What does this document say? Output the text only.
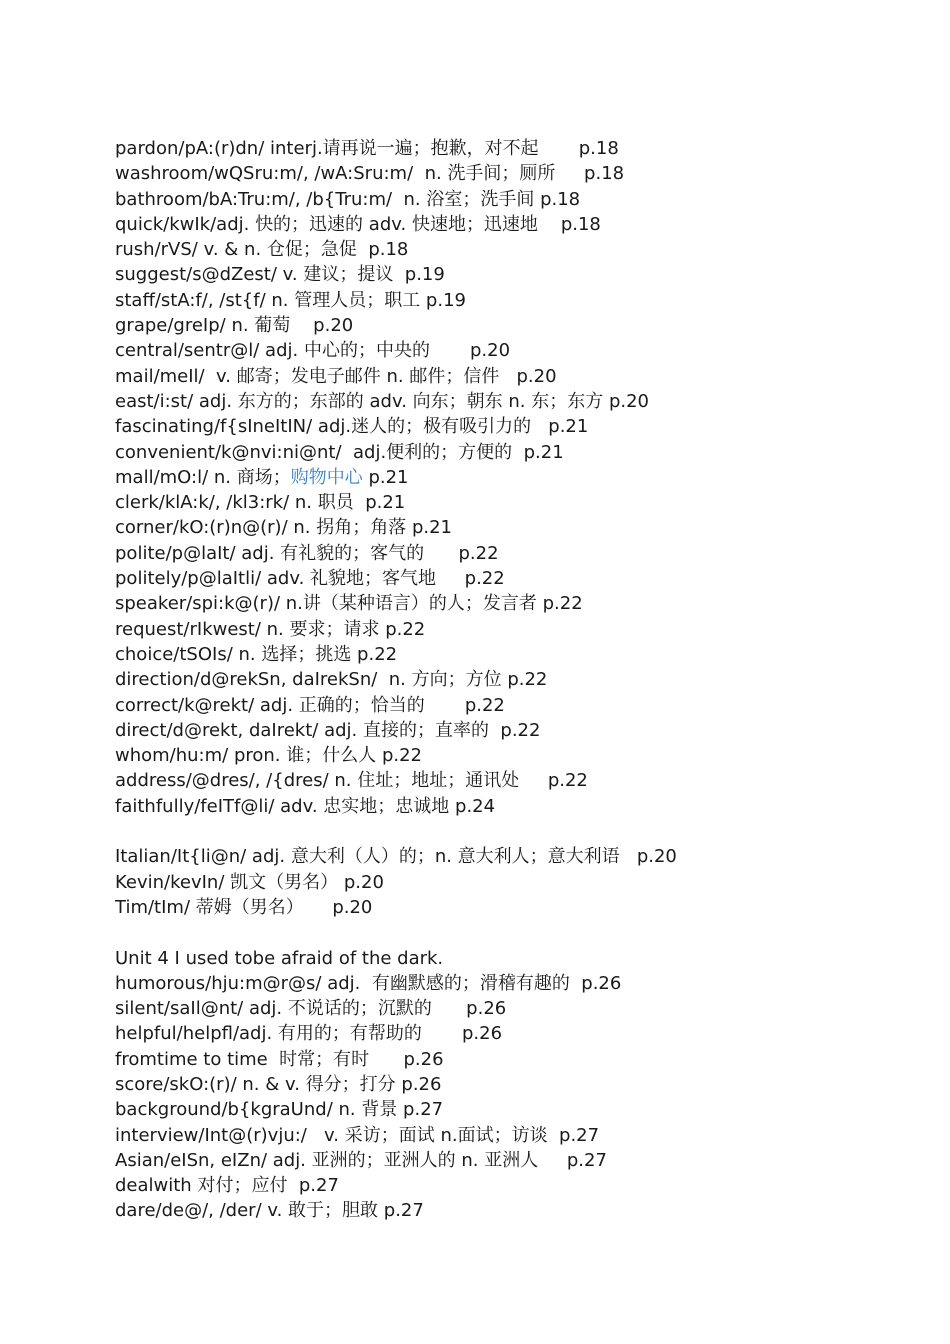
pardon/pA:(r)dn/ interj.请再说一遍；抱歉，对不起       p.18
washroom/wQSru:m/, /wA:Sru:m/  n. 洗手间；厕所     p.18
bathroom/bA:Tru:m/, /b{Tru:m/  n. 浴室；洗手间 p.18
quick/kwIk/adj. 快的；迅速的 adv. 快速地；迅速地    p.18
rush/rVS/ v. & n. 仓促；急促  p.18
suggest/s@dZest/ v. 建议；提议  p.19
staff/stA:f/, /st{f/ n. 管理人员；职工 p.19
grape/greIp/ n. 葡萄    p.20
central/sentr@l/ adj. 中心的；中央的       p.20
mail/meIl/  v. 邮寄；发电子邮件 n. 邮件；信件   p.20
east/i:st/ adj. 东方的；东部的 adv. 向东；朝东 n. 东；东方 p.20
fascinating/f{sIneItIN/ adj.迷人的；极有吸引力的   p.21
convenient/k@nvi:ni@nt/  adj.便利的；方便的  p.21
mall/mO:l/ n. 商场；购物中心 p.21
clerk/klA:k/, /kl3:rk/ n. 职员  p.21
corner/kO:(r)n@(r)/ n. 拐角；角落 p.21
polite/p@laIt/ adj. 有礼貌的；客气的      p.22
politely/p@laItli/ adv. 礼貌地；客气地     p.22
speaker/spi:k@(r)/ n.讲（某种语言）的人；发言者 p.22
request/rIkwest/ n. 要求；请求 p.22
choice/tSOIs/ n. 选择；挑选 p.22
direction/d@rekSn, daIrekSn/  n. 方向；方位 p.22
correct/k@rekt/ adj. 正确的；恰当的       p.22
direct/d@rekt, daIrekt/ adj. 直接的；直率的  p.22
whom/hu:m/ pron. 谁；什么人 p.22
address/@dres/, /{dres/ n. 住址；地址；通讯处     p.22
faithfully/feITf@li/ adv. 忠实地；忠诚地 p.24
Italian/It{li@n/ adj. 意大利（人）的；n. 意大利人；意大利语   p.20
Kevin/kevIn/ 凯文（男名） p.20
Tim/tIm/ 蒂姆（男名）     p.20
Unit 4 I used tobe afraid of the dark.
humorous/hju:m@r@s/ adj.  有幽默感的；滑稽有趣的  p.26
silent/saIl@nt/ adj. 不说话的；沉默的      p.26
helpful/helpfl/adj. 有用的；有帮助的       p.26
fromtime to time  时常；有时      p.26
score/skO:(r)/ n. & v. 得分；打分 p.26
background/b{kgraUnd/ n. 背景 p.27
interview/Int@(r)vju:/   v. 采访；面试 n.面试；访谈  p.27
Asian/eISn, eIZn/ adj. 亚洲的；亚洲人的 n. 亚洲人     p.27
dealwith 对付；应付  p.27
dare/de@/, /der/ v. 敢于；胆敢 p.27
